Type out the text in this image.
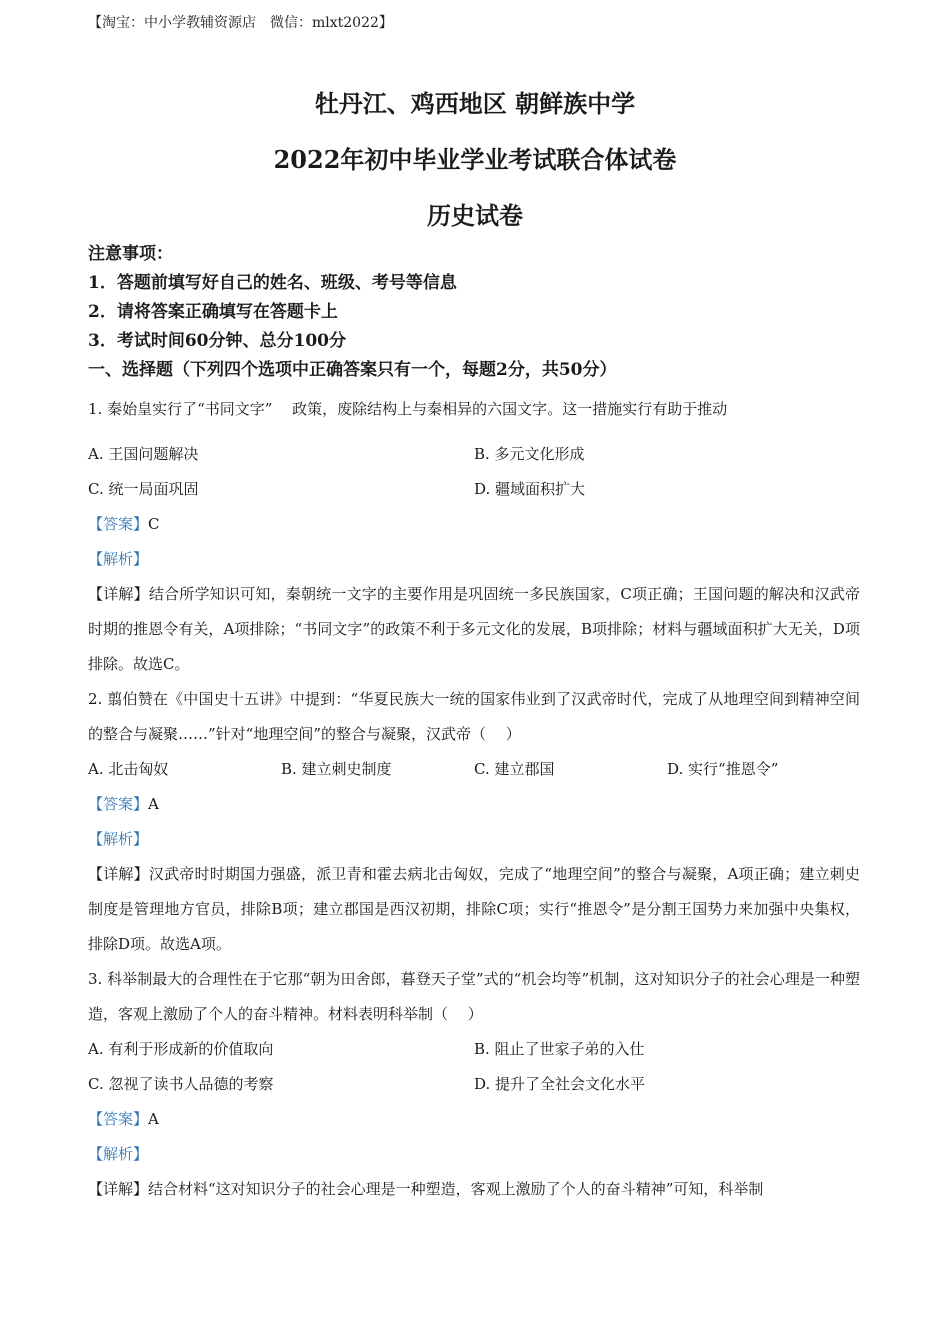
【淘宝：中小学教辅资源店　微信：mlxt2022】
牡丹江、鸡西地区 朝鲜族中学
2022年初中毕业学业考试联合体试卷
历史试卷
注意事项：
1．答题前填写好自己的姓名、班级、考号等信息
2．请将答案正确填写在答题卡上
3．考试时间60分钟、总分100分
一、选择题（下列四个选项中正确答案只有一个，每题2分，共50分）
1. 秦始皇实行了“书同文字”　 政策，废除结构上与秦相异的六国文字。这一措施实行有助于推动
A. 王国问题解决	B. 多元文化形成
C. 统一局面巩固	D. 疆域面积扩大
【答案】C
【解析】
【详解】结合所学知识可知，秦朝统一文字的主要作用是巩固统一多民族国家，C项正确；王国问题的解决和汉武帝时期的推恩令有关，A项排除；“书同文字”的政策不利于多元文化的发展，B项排除；材料与疆域面积扩大无关，D项排除。故选C。
2. 翦伯赞在《中国史十五讲》中提到：“华夏民族大一统的国家伟业到了汉武帝时代，完成了从地理空间到精神空间的整合与凝聚……”针对“地理空间”的整合与凝聚，汉武帝（　 ）
A. 北击匈奴	B. 建立刺史制度	C. 建立郡国	D. 实行“推恩令”
【答案】A
【解析】
【详解】汉武帝时时期国力强盛，派卫青和霍去病北击匈奴，完成了“地理空间”的整合与凝聚，A项正确；建立刺史制度是管理地方官员，排除B项；建立郡国是西汉初期，排除C项；实行“推恩令”是分割王国势力来加强中央集权，排除D项。故选A项。
3. 科举制最大的合理性在于它那“朝为田舍郎，暮登天子堂”式的“机会均等”机制，这对知识分子的社会心理是一种塑造，客观上激励了个人的奋斗精神。材料表明科举制（　 ）
A. 有利于形成新的价值取向	B. 阻止了世家子弟的入仕
C. 忽视了读书人品德的考察	D. 提升了全社会文化水平
【答案】A
【解析】
【详解】结合材料“这对知识分子的社会心理是一种塑造，客观上激励了个人的奋斗精神”可知，科举制
